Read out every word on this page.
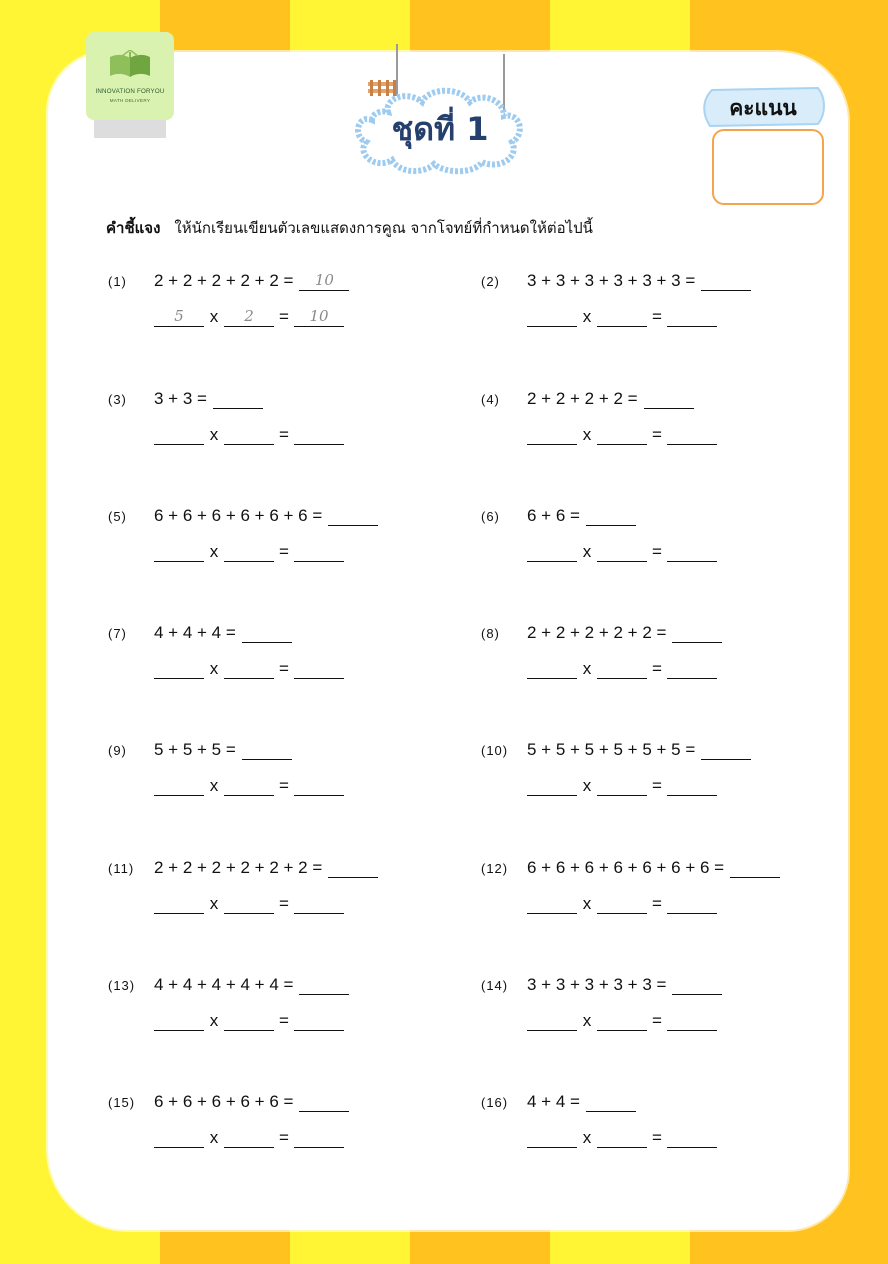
INNOVATION FORYOU
MATH DELIVERY
ชุดที่ 1
คะแนน
คำชี้แจง ให้นักเรียนเขียนตัวเลขแสดงการคูณ จากโจทย์ที่กำหนดให้ต่อไปนี้
(1) 2 + 2 + 2 + 2 + 2 =	10
5	x	2	=	10
(2) 3 + 3 + 3 + 3 + 3 + 3 =
x	=
(3) 3 + 3 =
x	=
(4) 2 + 2 + 2 + 2 =
x	=
(5) 6 + 6 + 6 + 6 + 6 + 6 =
x	=
(6) 6 + 6 =
x	=
(7) 4 + 4 + 4 =
x	=
(8) 2 + 2 + 2 + 2 + 2 =
x	=
(9) 5 + 5 + 5 =
x	=
(10) 5 + 5 + 5 + 5 + 5 + 5 =
x	=
(11) 2 + 2 + 2 + 2 + 2 + 2 =
x	=
(12) 6 + 6 + 6 + 6 + 6 + 6 + 6 =
x	=
(13) 4 + 4 + 4 + 4 + 4 =
x	=
(14) 3 + 3 + 3 + 3 + 3 =
x	=
(15) 6 + 6 + 6 + 6 + 6 =
x	=
(16) 4 + 4 =
x	=
